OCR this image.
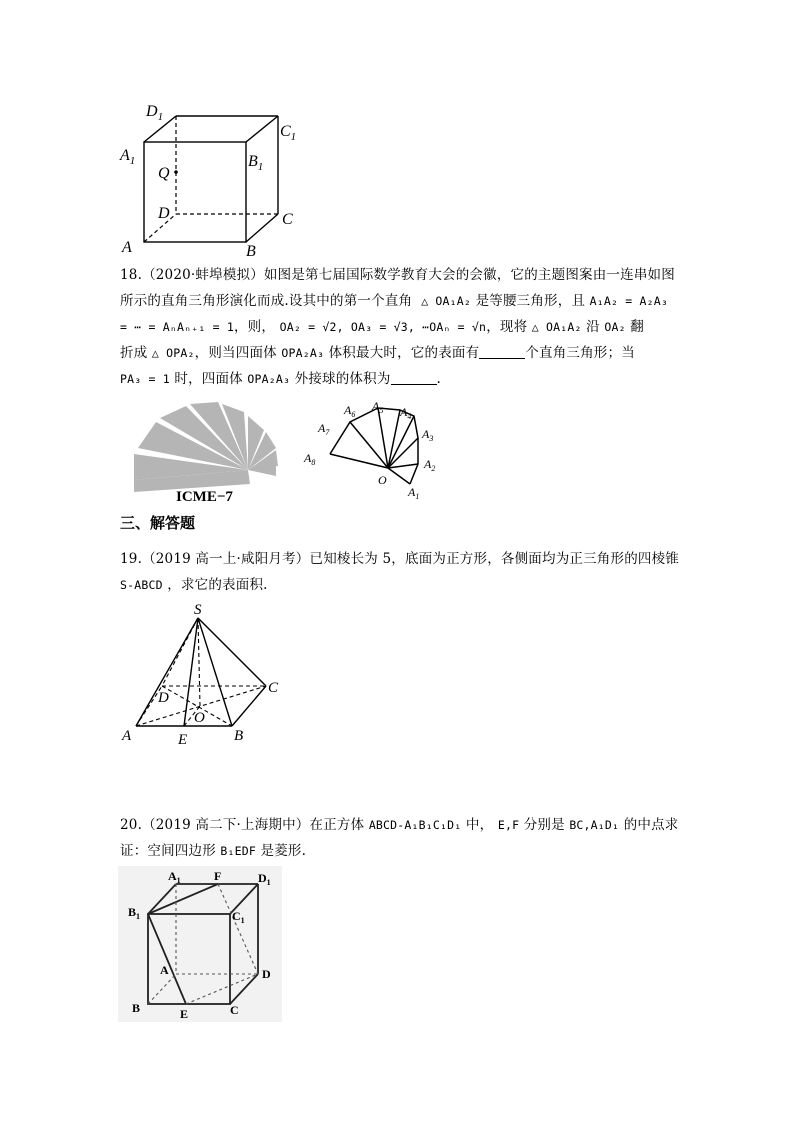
$D_1$
$A_1$
Q
D
A	B
C
$B_1$
$C_1$
18.（2020·蚌埠模拟）如图是第七届国际数学教育大会的会徽，它的主题图案由一连串如图
所示的直角三角形演化而成.设其中的第一个直角 △ OA₁A₂ 是等腰三角形，且 A₁A₂ = A₂A₃
= ⋯ = AₙAₙ₊₁ = 1，则， OA₂ = √2, OA₃ = √3, ⋯OAₙ = √n，现将 △ OA₁A₂ 沿 OA₂ 翻
折成 △ OPA₂，则当四面体 OPA₂A₃ 体积最大时，它的表面有	个直角三角形；当
PA₃ = 1 时，四面体 OPA₂A₃ 外接球的体积为	.
ICME−7	$A_1$
$A_2$
$A_3$
$A_4$
$A_5$
$A_6$
$A_7$
$A_8$
O
三、解答题
19.（2019 高一上·咸阳月考）已知棱长为 5，底面为正方形，各侧面均为正三角形的四棱锥
S-ABCD ，求它的表面积.
S
C
D
O
A	E	B
20.（2019 高二下·上海期中）在正方体 ABCD-A₁B₁C₁D₁ 中， E,F 分别是 BC,A₁D₁ 的中点求
证：空间四边形 B₁EDF 是菱形.
$A_1$	F	$D_1$
$B_1$	$C_1$
A	D
B	E	C
